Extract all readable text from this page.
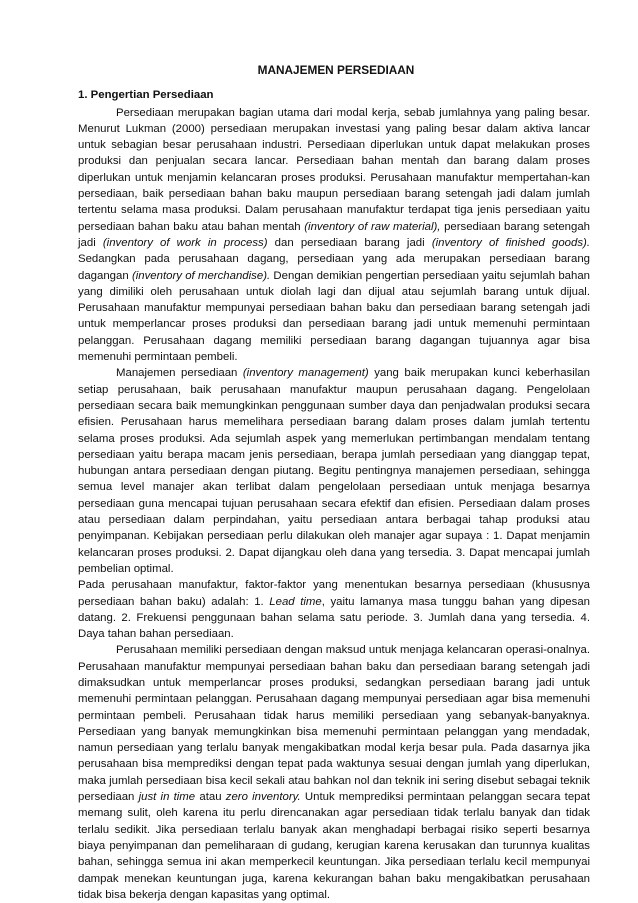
MANAJEMEN PERSEDIAAN
1. Pengertian Persediaan

Persediaan merupakan bagian utama dari modal kerja, sebab jumlahnya yang paling besar. Menurut Lukman (2000) persediaan merupakan investasi yang paling besar dalam aktiva lancar untuk sebagian besar perusahaan industri. Persediaan diperlukan untuk dapat melakukan proses produksi dan penjualan secara lancar. Persediaan bahan mentah dan barang dalam proses diperlukan untuk menjamin kelancaran proses produksi. Perusahaan manufaktur mempertahan-kan persediaan, baik persediaan bahan baku maupun persediaan barang setengah jadi dalam jumlah tertentu selama masa produksi. Dalam perusahaan manufaktur terdapat tiga jenis persediaan yaitu persediaan bahan baku atau bahan mentah (inventory of raw material), persediaan barang setengah jadi (inventory of work in process) dan persediaan barang jadi (inventory of finished goods). Sedangkan pada perusahaan dagang, persediaan yang ada merupakan persediaan barang dagangan (inventory of merchandise). Dengan demikian pengertian persediaan yaitu sejumlah bahan yang dimiliki oleh perusahaan untuk diolah lagi dan dijual atau sejumlah barang untuk dijual. Perusahaan manufaktur mempunyai persediaan bahan baku dan persediaan barang setengah jadi untuk memperlancar proses produksi dan persediaan barang jadi untuk memenuhi permintaan pelanggan. Perusahaan dagang memiliki persediaan barang dagangan tujuannya agar bisa memenuhi permintaan pembeli.

Manajemen persediaan (inventory management) yang baik merupakan kunci keberhasilan setiap perusahaan, baik perusahaan manufaktur maupun perusahaan dagang. Pengelolaan persediaan secara baik memungkinkan penggunaan sumber daya dan penjadwalan produksi secara efisien. Perusahaan harus memelihara persediaan barang dalam proses dalam jumlah tertentu selama proses produksi. Ada sejumlah aspek yang memerlukan pertimbangan mendalam tentang persediaan yaitu berapa macam jenis persediaan, berapa jumlah persediaan yang dianggap tepat, hubungan antara persediaan dengan piutang. Begitu pentingnya manajemen persediaan, sehingga semua level manajer akan terlibat dalam pengelolaan persediaan untuk menjaga besarnya persediaan guna mencapai tujuan perusahaan secara efektif dan efisien. Persediaan dalam proses atau persediaan dalam perpindahan, yaitu persediaan antara berbagai tahap produksi atau penyimpanan. Kebijakan persediaan perlu dilakukan oleh manajer agar supaya : 1. Dapat menjamin kelancaran proses produksi. 2. Dapat dijangkau oleh dana yang tersedia. 3. Dapat mencapai jumlah pembelian optimal.

Pada perusahaan manufaktur, faktor-faktor yang menentukan besarnya persediaan (khususnya persediaan bahan baku) adalah: 1. Lead time, yaitu lamanya masa tunggu bahan yang dipesan datang. 2. Frekuensi penggunaan bahan selama satu periode. 3. Jumlah dana yang tersedia. 4. Daya tahan bahan persediaan.

Perusahaan memiliki persediaan dengan maksud untuk menjaga kelancaran operasi-onalnya. Perusahaan manufaktur mempunyai persediaan bahan baku dan persediaan barang setengah jadi dimaksudkan untuk memperlancar proses produksi, sedangkan persediaan barang jadi untuk memenuhi permintaan pelanggan. Perusahaan dagang mempunyai persediaan agar bisa memenuhi permintaan pembeli. Perusahaan tidak harus memiliki persediaan yang sebanyak-banyaknya. Persediaan yang banyak memungkinkan bisa memenuhi permintaan pelanggan yang mendadak, namun persediaan yang terlalu banyak mengakibatkan modal kerja besar pula. Pada dasarnya jika perusahaan bisa memprediksi dengan tepat pada waktunya sesuai dengan jumlah yang diperlukan, maka jumlah persediaan bisa kecil sekali atau bahkan nol dan teknik ini sering disebut sebagai teknik persediaan just in time atau zero inventory. Untuk memprediksi permintaan pelanggan secara tepat memang sulit, oleh karena itu perlu direncanakan agar persediaan tidak terlalu banyak dan tidak terlalu sedikit. Jika persediaan terlalu banyak akan menghadapi berbagai risiko seperti besarnya biaya penyimpanan dan pemeliharaan di gudang, kerugian karena kerusakan dan turunnya kualitas bahan, sehingga semua ini akan memperkecil keuntungan. Jika persediaan terlalu kecil mempunyai dampak menekan keuntungan juga, karena kekurangan bahan baku mengakibatkan perusahaan tidak bisa bekerja dengan kapasitas yang optimal.
